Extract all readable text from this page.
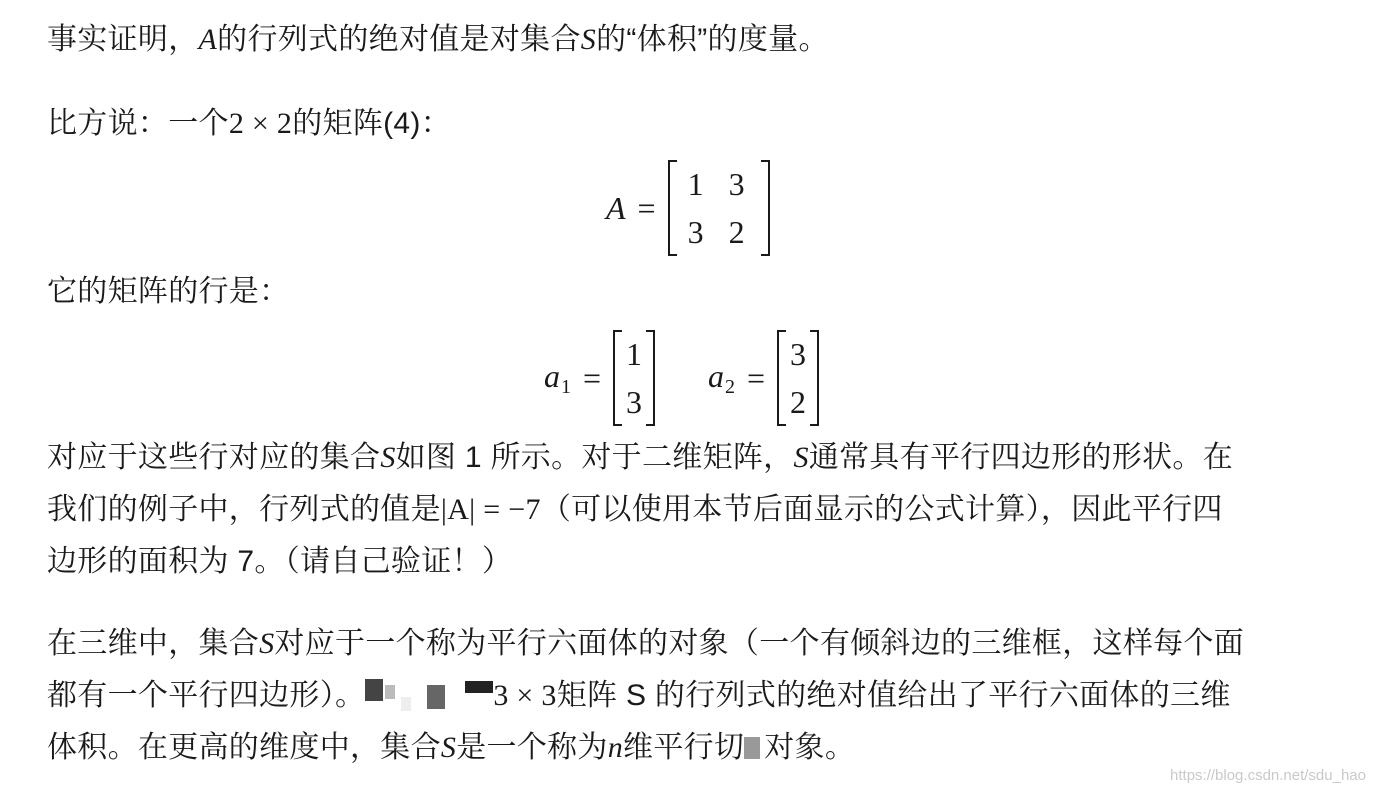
事实证明，A的行列式的绝对值是对集合S的“体积”的度量。
比方说：一个2 × 2的矩阵(4)：
A =
1 3
3 2
它的矩阵的行是：
$a_1$ =
1
3
$a_2$ =
3
2
对应于这些行对应的集合S如图 1 所示。对于二维矩阵，S通常具有平行四边形的形状。在
我们的例子中，行列式的值是|A| = −7（可以使用本节后面显示的公式计算），因此平行四
边形的面积为 7。（请自己验证！）
在三维中，集合S对应于一个称为平行六面体的对象（一个有倾斜边的三维框，这样每个面
都有一个平行四边形）。	3 × 3矩阵 S 的行列式的绝对值给出了平行六面体的三维
体积。在更高的维度中，集合S是一个称为n维平行切 对象。
https://blog.csdn.net/sdu_hao
